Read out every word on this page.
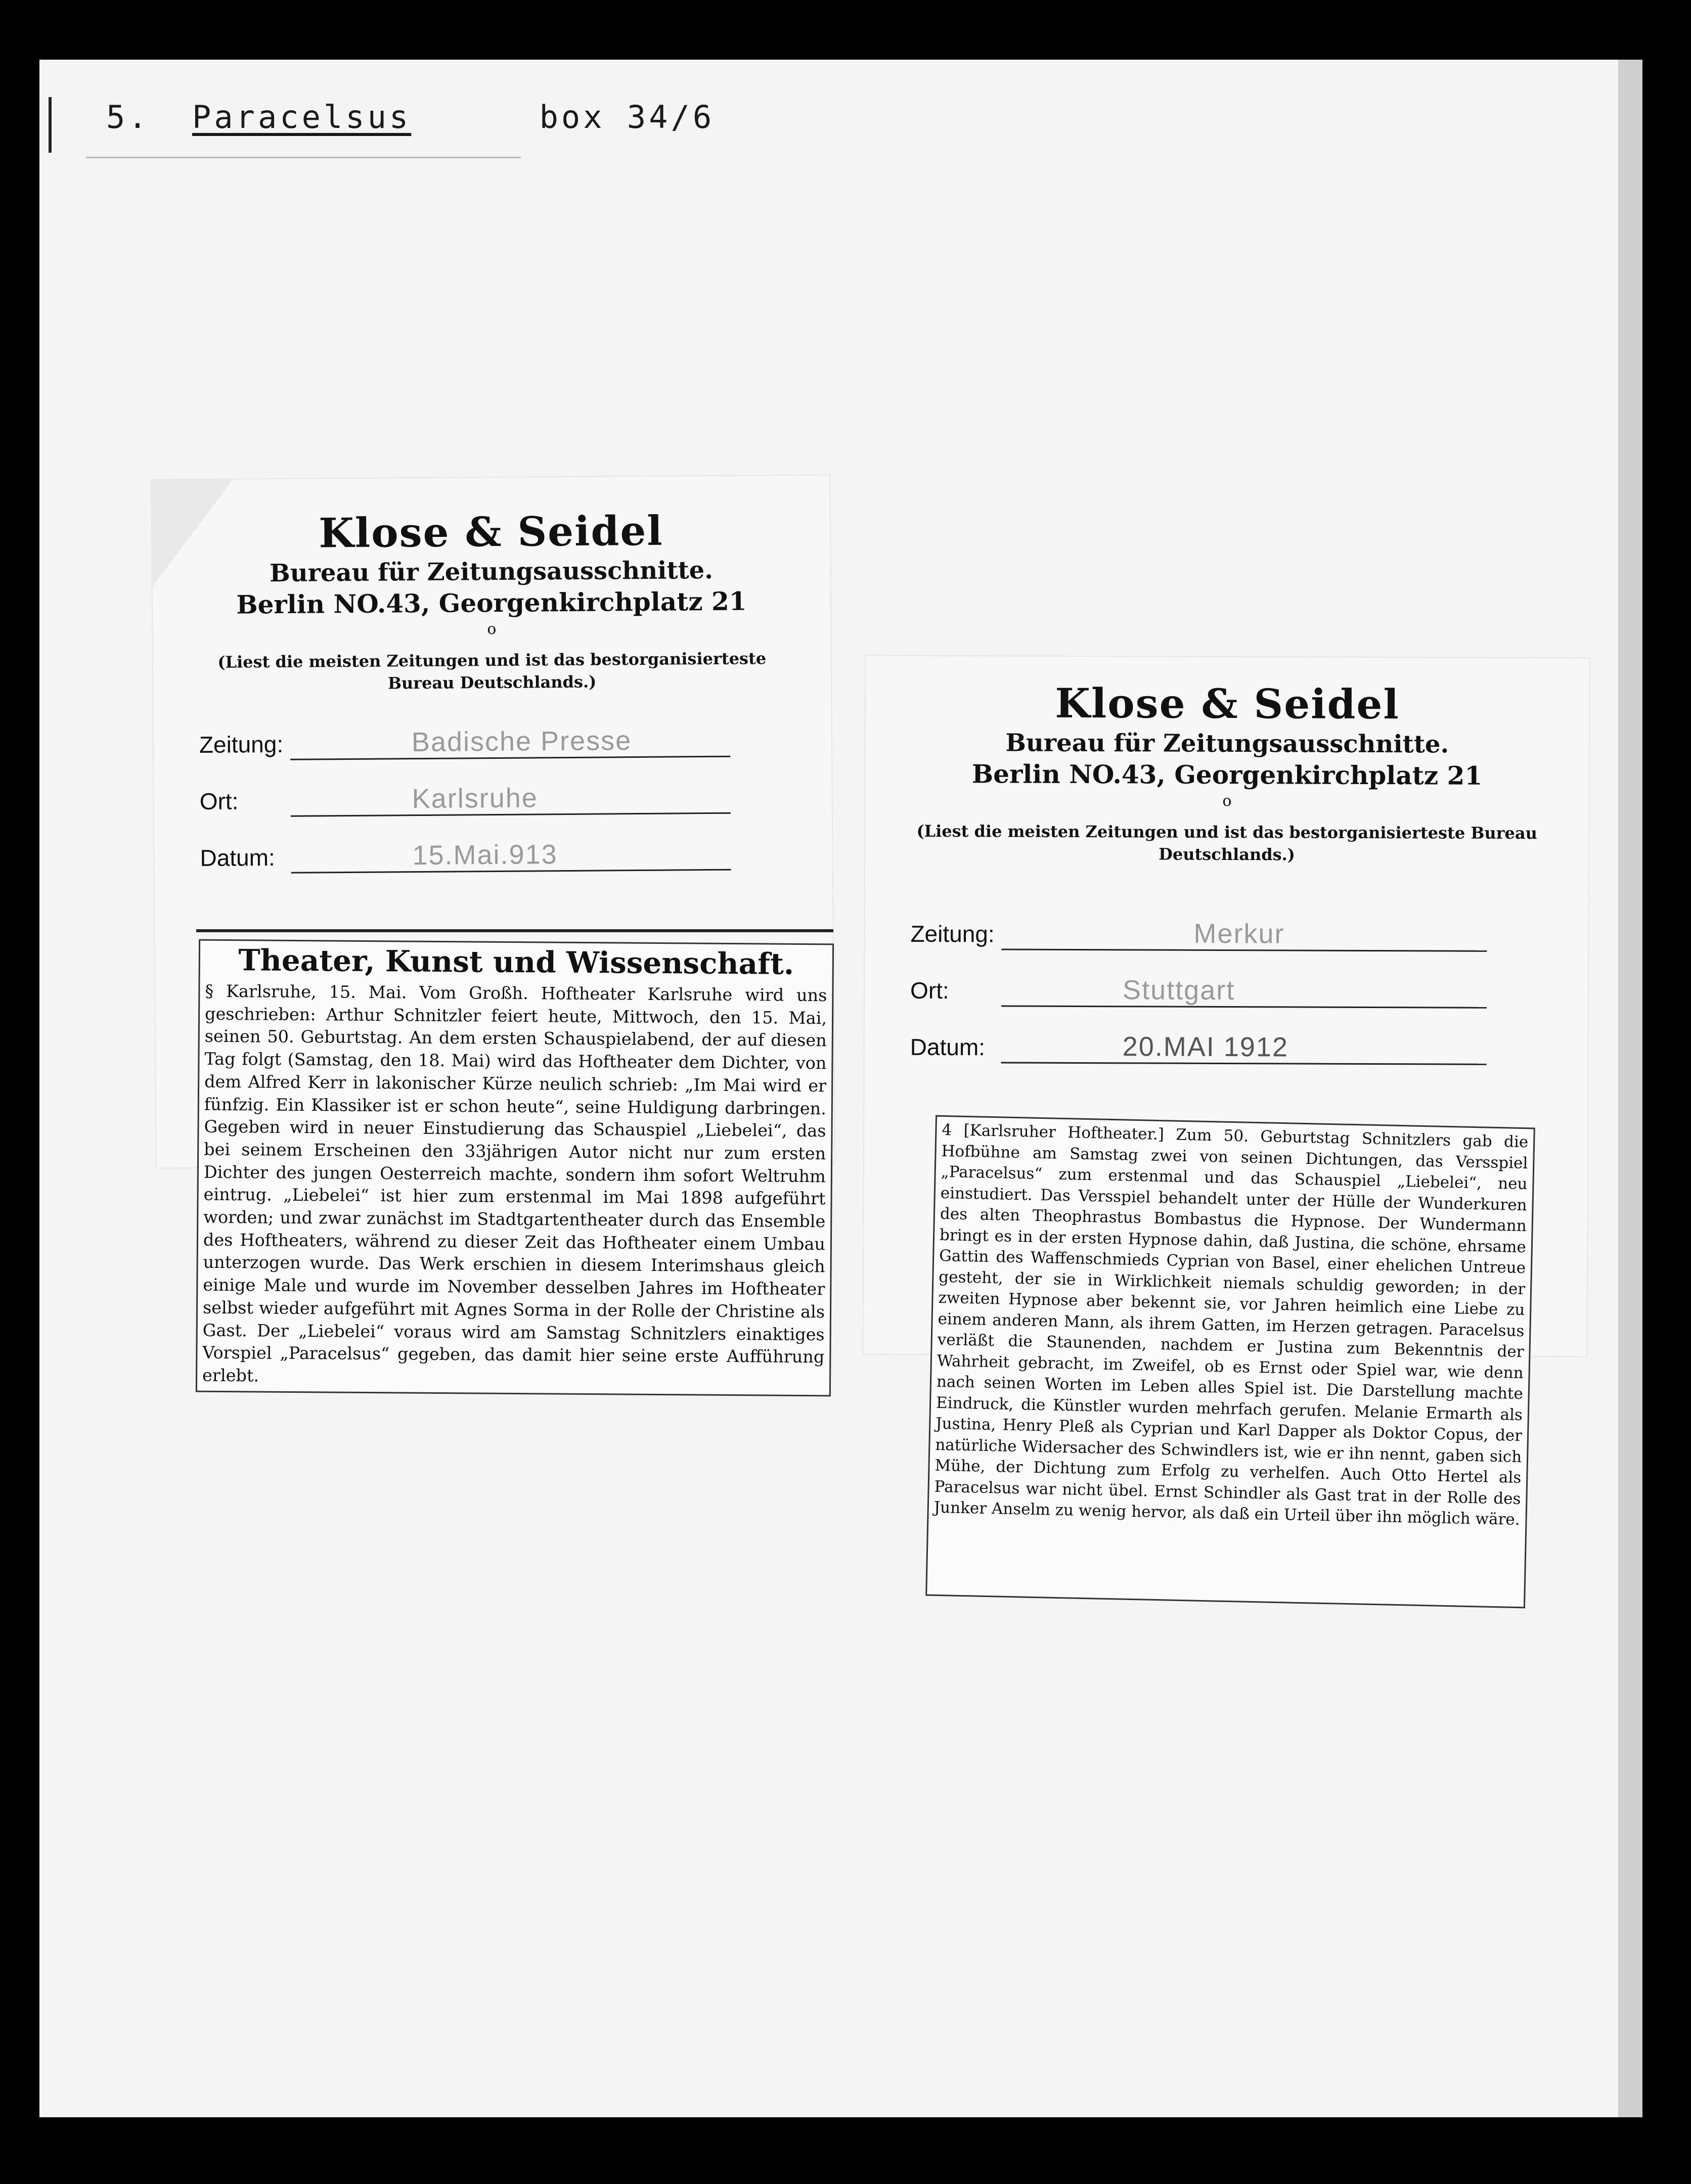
5. Paracelsus	box 34/6
Klose & Seidel
Bureau für Zeitungsausschnitte.
Berlin NO.43, Georgenkirchplatz 21
o
(Liest die meisten Zeitungen und ist das bestorganisierteste Bureau Deutschlands.)
Zeitung:	Badische Presse
Ort:	Karlsruhe
Datum:	15.Mai.913
Theater, Kunst und Wissenschaft.

§ Karlsruhe, 15. Mai. Vom Großh. Hoftheater Karlsruhe wird uns geschrieben: Arthur Schnitzler feiert heute, Mittwoch, den 15. Mai, seinen 50. Geburtstag. An dem ersten Schauspielabend, der auf diesen Tag folgt (Samstag, den 18. Mai) wird das Hoftheater dem Dichter, von dem Alfred Kerr in lakonischer Kürze neulich schrieb: „Im Mai wird er fünfzig. Ein Klassiker ist er schon heute“, seine Huldigung darbringen. Gegeben wird in neuer Einstudierung das Schauspiel „Liebelei“, das bei seinem Erscheinen den 33jährigen Autor nicht nur zum ersten Dichter des jungen Oesterreich machte, sondern ihm sofort Weltruhm eintrug. „Liebelei“ ist hier zum erstenmal im Mai 1898 aufgeführt worden; und zwar zunächst im Stadtgartentheater durch das Ensemble des Hoftheaters, während zu dieser Zeit das Hoftheater einem Umbau unterzogen wurde. Das Werk erschien in diesem Interimshaus gleich einige Male und wurde im November desselben Jahres im Hoftheater selbst wieder aufgeführt mit Agnes Sorma in der Rolle der Christine als Gast. Der „Liebelei“ voraus wird am Samstag Schnitzlers einaktiges Vorspiel „Paracelsus“ gegeben, das damit hier seine erste Aufführung erlebt.

Klose & Seidel
Bureau für Zeitungsausschnitte.
Berlin NO.43, Georgenkirchplatz 21
o
(Liest die meisten Zeitungen und ist das bestorganisierteste Bureau Deutschlands.)
Zeitung:	Merkur
Ort:	Stuttgart
Datum:	20.MAI 1912

4 [Karlsruher Hoftheater.] Zum 50. Geburtstag Schnitzlers gab die Hofbühne am Samstag zwei von seinen Dichtungen, das Versspiel „Paracelsus“ zum erstenmal und das Schauspiel „Liebelei“, neu einstudiert. Das Versspiel behandelt unter der Hülle der Wunderkuren des alten Theophrastus Bombastus die Hypnose. Der Wundermann bringt es in der ersten Hypnose dahin, daß Justina, die schöne, ehrsame Gattin des Waffenschmieds Cyprian von Basel, einer ehelichen Untreue gesteht, der sie in Wirklichkeit niemals schuldig geworden; in der zweiten Hypnose aber bekennt sie, vor Jahren heimlich eine Liebe zu einem anderen Mann, als ihrem Gatten, im Herzen getragen. Paracelsus verläßt die Staunenden, nachdem er Justina zum Bekenntnis der Wahrheit gebracht, im Zweifel, ob es Ernst oder Spiel war, wie denn nach seinen Worten im Leben alles Spiel ist. Die Darstellung machte Eindruck, die Künstler wurden mehrfach gerufen. Melanie Ermarth als Justina, Henry Pleß als Cyprian und Karl Dapper als Doktor Copus, der natürliche Widersacher des Schwindlers ist, wie er ihn nennt, gaben sich Mühe, der Dichtung zum Erfolg zu verhelfen. Auch Otto Hertel als Paracelsus war nicht übel. Ernst Schindler als Gast trat in der Rolle des Junker Anselm zu wenig hervor, als daß ein Urteil über ihn möglich wäre.
